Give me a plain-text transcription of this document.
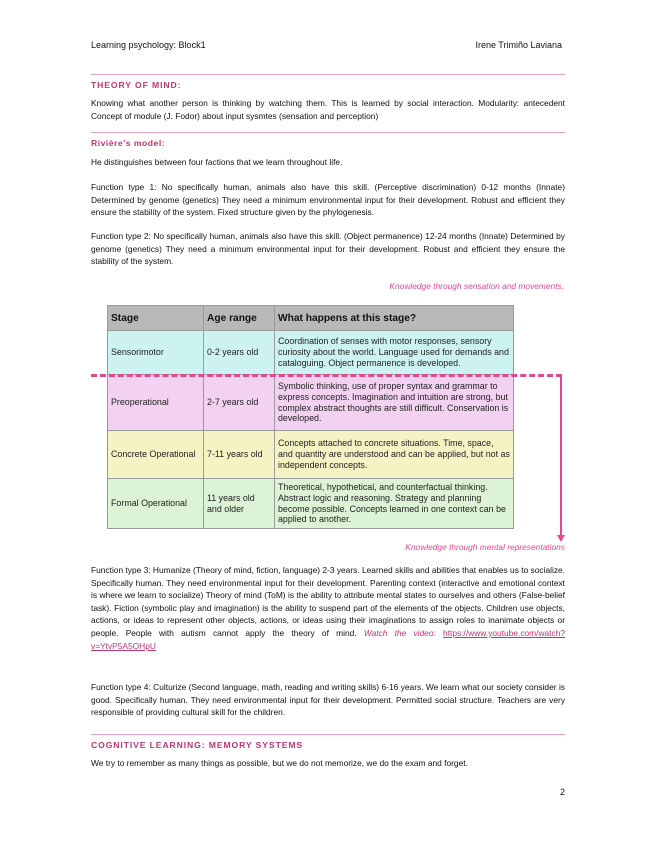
Learning psychology: Block1	Irene Trimiño Laviana
THEORY OF MIND:

Knowing what another person is thinking by watching them. This is learned by social interaction. Modularity: antecedent Concept of module (J. Fodor) about input sysmtes (sensation and perception)

Rivière’s model:

He distinguishes between four factions that we learn throughout life.

Function type 1: No specifically human, animals also have this skill. (Perceptive discrimination) 0-12 months (Innate) Determined by genome (genetics) They need a minimum environmental input for their development. Robust and efficient they ensure the stability of the system. Fixed structure given by the phylogenesis.

Function type 2: No specifically human, animals also have this skill. (Object permanence) 12-24 months (Innate) Determined by genome (genetics) They need a minimum environmental input for their development. Robust and efficient they ensure the stability of the system.

Knowledge through sensation and movements.
Stage	Age range	What happens at this stage?
Sensorimotor	0-2 years old	Coordination of senses with motor responses, sensory curiosity about the world. Language used for demands and cataloguing. Object permanence is developed.
Preoperational	2-7 years old	Symbolic thinking, use of proper syntax and grammar to express concepts. Imagination and intuition are strong, but complex abstract thoughts are still difficult. Conservation is developed.
Concrete Operational	7-11 years old	Concepts attached to concrete situations. Time, space, and quantity are understood and can be applied, but not as independent concepts.
Formal Operational	11 years old and older	Theoretical, hypothetical, and counterfactual thinking. Abstract logic and reasoning. Strategy and planning become possible. Concepts learned in one context can be applied to another.
Knowledge through mental representations

Function type 3: Humanize (Theory of mind, fiction, language) 2-3 years. Learned skills and abilities that enables us to socialize. Specifically human. They need environmental input for their development. Parenting context (interactive and emotional context is where we learn to socialize) Theory of mind (ToM) is the ability to attribute mental states to ourselves and others (False-belief task). Fiction (symbolic play and imagination) is the ability to suspend part of the elements of the objects. Children use objects, actions, or ideas to represent other objects, actions, or ideas using their imaginations to assign roles to inanimate objects or people. People with autism cannot apply the theory of mind. Watch the video: https://www.youtube.com/watch?v=YtvP5A5OHpU

Function type 4: Culturize (Second language, math, reading and writing skills) 6-16 years. We learn what our society consider is good. Specifically human. They need environmental input for their development. Permitted social structure. Teachers are very responsible of providing cultural skill for the children.

COGNITIVE LEARNING: MEMORY SYSTEMS

We try to remember as many things as possible, but we do not memorize, we do the exam and forget.

2
